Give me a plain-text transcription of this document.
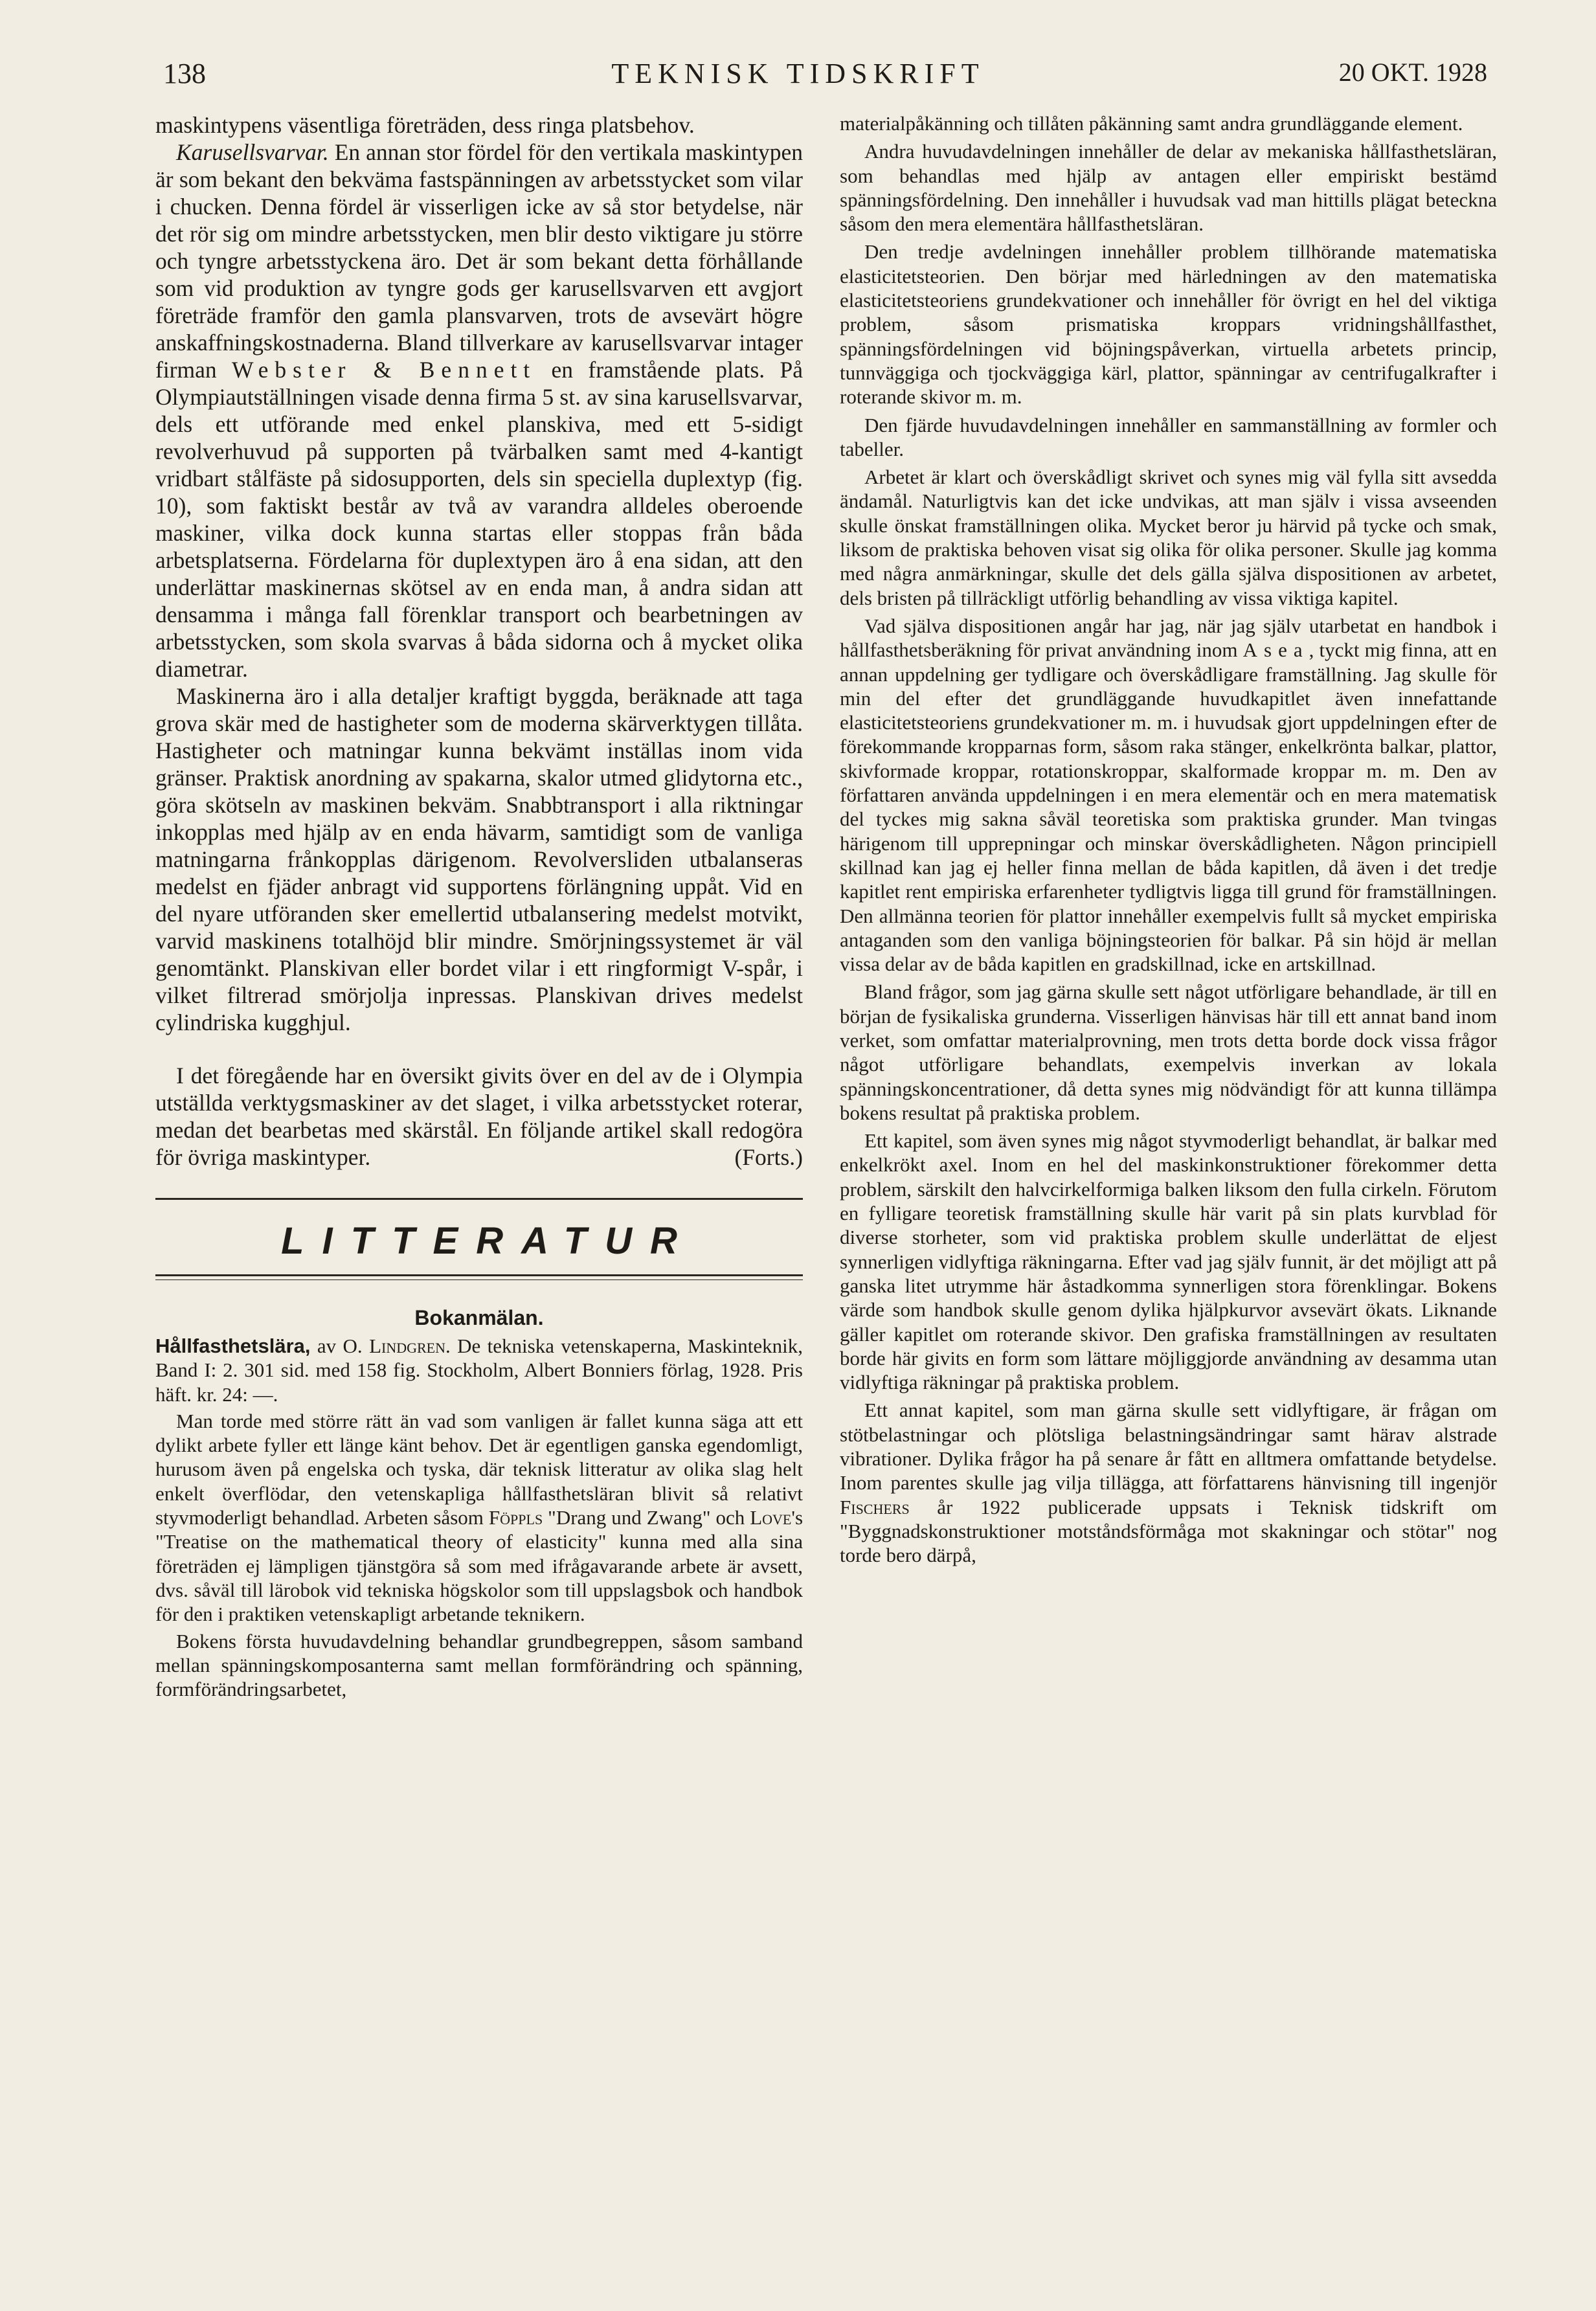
138	TEKNISK TIDSKRIFT	20 OKT. 1928

maskintypens väsentliga företräden, dess ringa platsbehov.

Karusellsvarvar. En annan stor fördel för den vertikala maskintypen är som bekant den bekväma fastspänningen av arbetsstycket som vilar i chucken. Denna fördel är visserligen icke av så stor betydelse, när det rör sig om mindre arbetsstycken, men blir desto viktigare ju större och tyngre arbetsstyckena äro. Det är som bekant detta förhållande som vid produktion av tyngre gods ger karusellsvarven ett avgjort företräde framför den gamla plansvarven, trots de avsevärt högre anskaffningskostnaderna. Bland tillverkare av karusellsvarvar intager firman Webster & Bennett en framstående plats. På Olympiautställningen visade denna firma 5 st. av sina karusellsvarvar, dels ett utförande med enkel planskiva, med ett 5-sidigt revolverhuvud på supporten på tvärbalken samt med 4-kantigt vridbart stålfäste på sidosupporten, dels sin speciella duplextyp (fig. 10), som faktiskt består av två av varandra alldeles oberoende maskiner, vilka dock kunna startas eller stoppas från båda arbetsplatserna. Fördelarna för duplextypen äro å ena sidan, att den underlättar maskinernas skötsel av en enda man, å andra sidan att densamma i många fall förenklar transport och bearbetningen av arbetsstycken, som skola svarvas å båda sidorna och å mycket olika diametrar.

Maskinerna äro i alla detaljer kraftigt byggda, beräknade att taga grova skär med de hastigheter som de moderna skärverktygen tillåta. Hastigheter och matningar kunna bekvämt inställas inom vida gränser. Praktisk anordning av spakarna, skalor utmed glidytorna etc., göra skötseln av maskinen bekväm. Snabbtransport i alla riktningar inkopplas med hjälp av en enda hävarm, samtidigt som de vanliga matningarna frånkopplas därigenom. Revolversliden utbalanseras medelst en fjäder anbragt vid supportens förlängning uppåt. Vid en del nyare utföranden sker emellertid utbalansering medelst motvikt, varvid maskinens totalhöjd blir mindre. Smörjningssystemet är väl genomtänkt. Planskivan eller bordet vilar i ett ringformigt V-spår, i vilket filtrerad smörjolja inpressas. Planskivan drives medelst cylindriska kugghjul.

I det föregående har en översikt givits över en del av de i Olympia utställda verktygsmaskiner av det slaget, i vilka arbetsstycket roterar, medan det bearbetas med skärstål. En följande artikel skall redogöra för övriga maskintyper.	(Forts.)

LITTERATUR
Bokanmälan.

Hållfasthetslära, av O. Lindgren. De tekniska vetenskaperna, Maskinteknik, Band I: 2. 301 sid. med 158 fig. Stockholm, Albert Bonniers förlag, 1928. Pris häft. kr. 24: —.

Man torde med större rätt än vad som vanligen är fallet kunna säga att ett dylikt arbete fyller ett länge känt behov. Det är egentligen ganska egendomligt, hurusom även på engelska och tyska, där teknisk litteratur av olika slag helt enkelt överflödar, den vetenskapliga hållfasthetsläran blivit så relativt styvmoderligt behandlad. Arbeten såsom Föppls "Drang und Zwang" och Love's "Treatise on the mathematical theory of elasticity" kunna med alla sina företräden ej lämpligen tjänstgöra så som med ifrågavarande arbete är avsett, dvs. såväl till lärobok vid tekniska högskolor som till uppslagsbok och handbok för den i praktiken vetenskapligt arbetande teknikern.

Bokens första huvudavdelning behandlar grundbegreppen, såsom samband mellan spänningskomposanterna samt mellan formförändring och spänning, formförändringsarbetet,

materialpåkänning och tillåten påkänning samt andra grundläggande element.

Andra huvudavdelningen innehåller de delar av mekaniska hållfasthetsläran, som behandlas med hjälp av antagen eller empiriskt bestämd spänningsfördelning. Den innehåller i huvudsak vad man hittills plägat beteckna såsom den mera elementära hållfasthetsläran.

Den tredje avdelningen innehåller problem tillhörande matematiska elasticitetsteorien. Den börjar med härledningen av den matematiska elasticitetsteoriens grundekvationer och innehåller för övrigt en hel del viktiga problem, såsom prismatiska kroppars vridningshållfasthet, spänningsfördelningen vid böjningspåverkan, virtuella arbetets princip, tunnväggiga och tjockväggiga kärl, plattor, spänningar av centrifugalkrafter i roterande skivor m. m.

Den fjärde huvudavdelningen innehåller en sammanställning av formler och tabeller.

Arbetet är klart och överskådligt skrivet och synes mig väl fylla sitt avsedda ändamål. Naturligtvis kan det icke undvikas, att man själv i vissa avseenden skulle önskat framställningen olika. Mycket beror ju härvid på tycke och smak, liksom de praktiska behoven visat sig olika för olika personer. Skulle jag komma med några anmärkningar, skulle det dels gälla själva dispositionen av arbetet, dels bristen på tillräckligt utförlig behandling av vissa viktiga kapitel.

Vad själva dispositionen angår har jag, när jag själv utarbetat en handbok i hållfasthetsberäkning för privat användning inom Asea, tyckt mig finna, att en annan uppdelning ger tydligare och överskådligare framställning. Jag skulle för min del efter det grundläggande huvudkapitlet även innefattande elasticitetsteoriens grundekvationer m. m. i huvudsak gjort uppdelningen efter de förekommande kropparnas form, såsom raka stänger, enkelkrönta balkar, plattor, skivformade kroppar, rotationskroppar, skalformade kroppar m. m. Den av författaren använda uppdelningen i en mera elementär och en mera matematisk del tyckes mig sakna såväl teoretiska som praktiska grunder. Man tvingas härigenom till upprepningar och minskar överskådligheten. Någon principiell skillnad kan jag ej heller finna mellan de båda kapitlen, då även i det tredje kapitlet rent empiriska erfarenheter tydligtvis ligga till grund för framställningen. Den allmänna teorien för plattor innehåller exempelvis fullt så mycket empiriska antaganden som den vanliga böjningsteorien för balkar. På sin höjd är mellan vissa delar av de båda kapitlen en gradskillnad, icke en artskillnad.

Bland frågor, som jag gärna skulle sett något utförligare behandlade, är till en början de fysikaliska grunderna. Visserligen hänvisas här till ett annat band inom verket, som omfattar materialprovning, men trots detta borde dock vissa frågor något utförligare behandlats, exempelvis inverkan av lokala spänningskoncentrationer, då detta synes mig nödvändigt för att kunna tillämpa bokens resultat på praktiska problem.

Ett kapitel, som även synes mig något styvmoderligt behandlat, är balkar med enkelkrökt axel. Inom en hel del maskinkonstruktioner förekommer detta problem, särskilt den halvcirkelformiga balken liksom den fulla cirkeln. Förutom en fylligare teoretisk framställning skulle här varit på sin plats kurvblad för diverse storheter, som vid praktiska problem skulle underlättat de eljest synnerligen vidlyftiga räkningarna. Efter vad jag själv funnit, är det möjligt att på ganska litet utrymme här åstadkomma synnerligen stora förenklingar. Bokens värde som handbok skulle genom dylika hjälpkurvor avsevärt ökats. Liknande gäller kapitlet om roterande skivor. Den grafiska framställningen av resultaten borde här givits en form som lättare möjliggjorde användning av desamma utan vidlyftiga räkningar på praktiska problem.

Ett annat kapitel, som man gärna skulle sett vidlyftigare, är frågan om stötbelastningar och plötsliga belastningsändringar samt härav alstrade vibrationer. Dylika frågor ha på senare år fått en alltmera omfattande betydelse. Inom parentes skulle jag vilja tillägga, att författarens hänvisning till ingenjör Fischers år 1922 publicerade uppsats i Teknisk tidskrift om "Byggnadskonstruktioner motståndsförmåga mot skakningar och stötar" nog torde bero därpå,
